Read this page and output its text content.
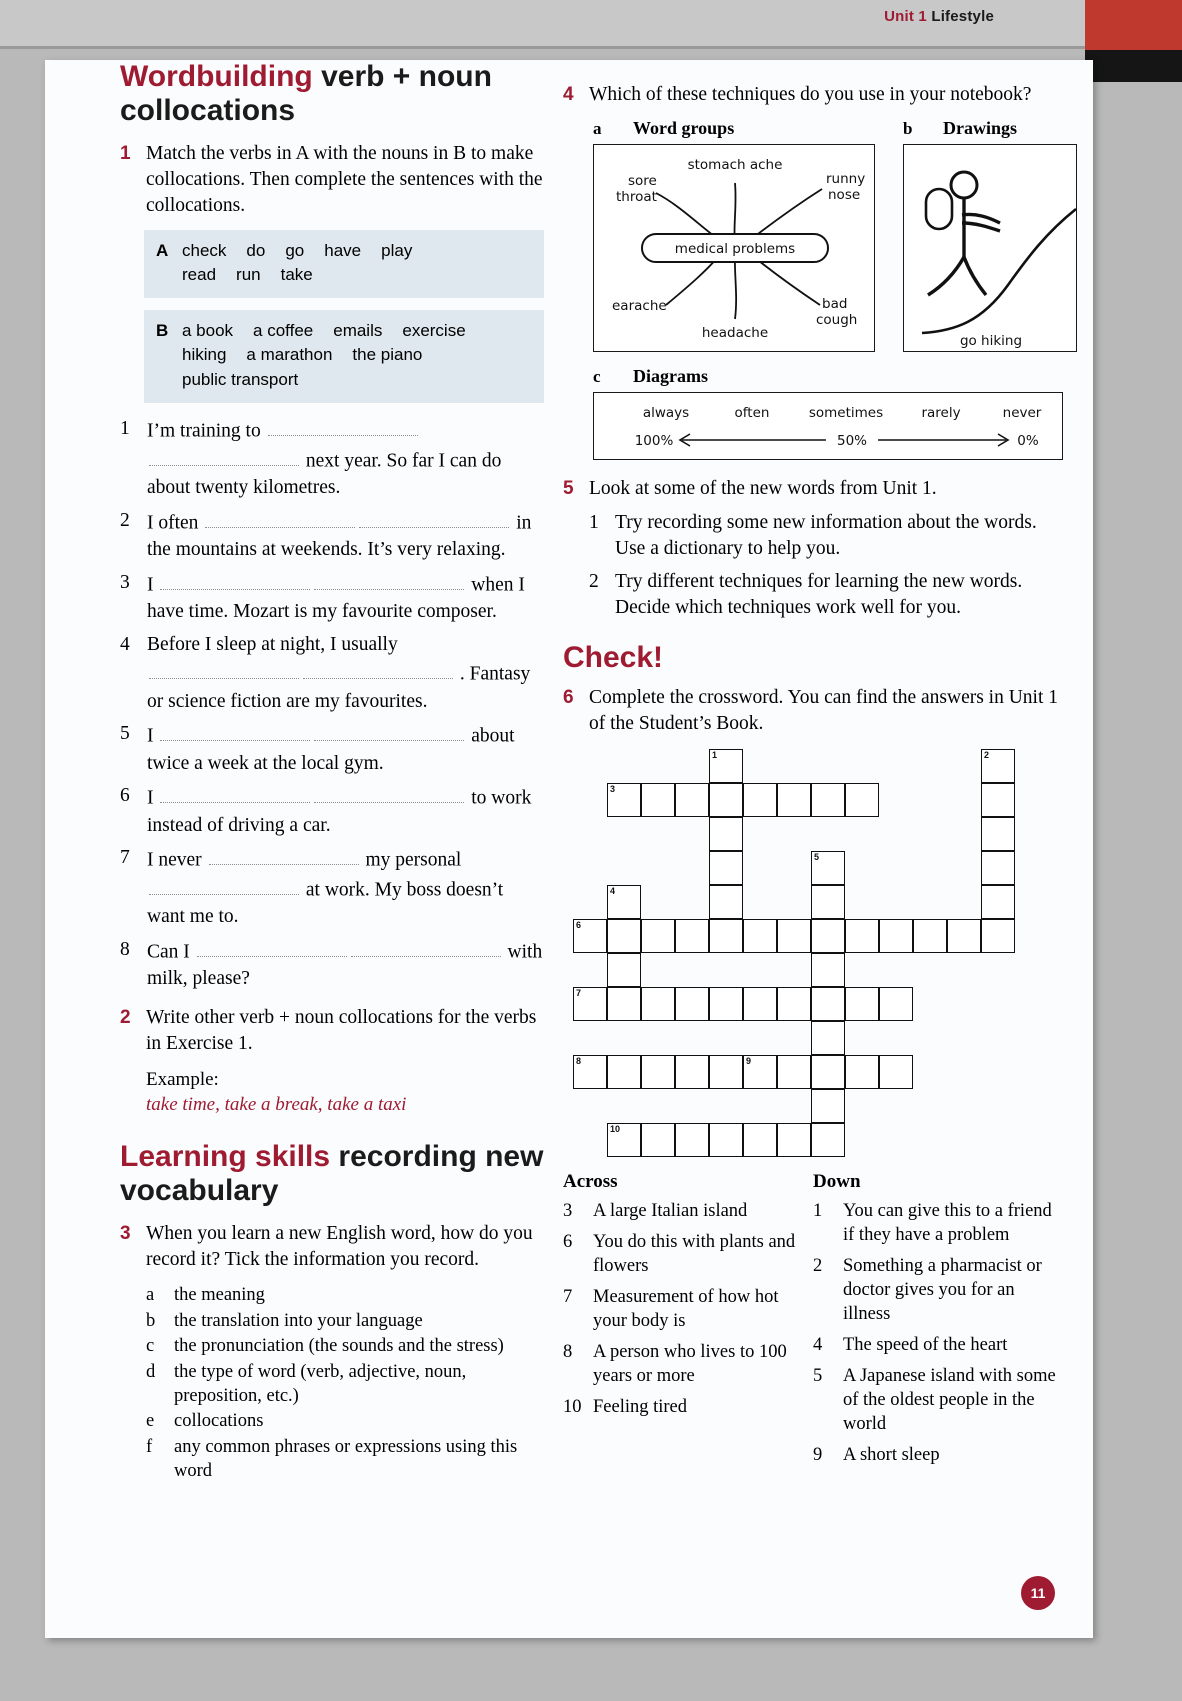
Unit 1 Lifestyle
Wordbuilding verb + noun collocations
1 Match the verbs in A with the nouns in B to make collocations. Then complete the sentences with the collocations.
A check do go have play
read run take
B a book a coffee emails exercise
hiking a marathon the piano
public transport
1 I’m training to  next year. So far I can do about twenty kilometres.
2 I often	in the mountains at weekends. It’s very relaxing.
3 I	when I have time. Mozart is my favourite composer.
4 Before I sleep at night, I usually  . Fantasy or science fiction are my favourites.
5 I	about twice a week at the local gym.
6 I	to work instead of driving a car.
7 I never	my personal  at work. My boss doesn’t want me to.
8 Can I	with milk, please?
2 Write other verb + noun collocations for the verbs in Exercise 1.
Example:
take time, take a break, take a taxi
Learning skills recording new vocabulary
3 When you learn a new English word, how do you record it? Tick the information you record.
a	the meaning
b	the translation into your language
c	the pronunciation (the sounds and the stress)
d	the type of word (verb, adjective, noun, preposition, etc.)
e	collocations
f	any common phrases or expressions using this word
4 Which of these techniques do you use in your notebook?
a Word groups
medical problems
stomach ache
sore
throat
runny
nose
earache	bad
cough
headache
b Drawings
go hiking
c Diagrams
always	often	sometimes	rarely	never
100%	50%	0%
5 Look at some of the new words from Unit 1.
1 Try recording some new information about the words. Use a dictionary to help you.
2 Try different techniques for learning the new words. Decide which techniques work well for you.
Check!
6 Complete the crossword. You can find the answers in Unit 1 of the Student’s Book.
1	2
3
5
4
6
7
8	9
10
Across
3	A large Italian island
6	You do this with plants and flowers
7	Measurement of how hot your body is
8	A person who lives to 100 years or more
10 Feeling tired
Down
1	You can give this to a friend if they have a problem
2	Something a pharmacist or doctor gives you for an illness
4	The speed of the heart
5	A Japanese island with some of the oldest people in the world
9	A short sleep
11
